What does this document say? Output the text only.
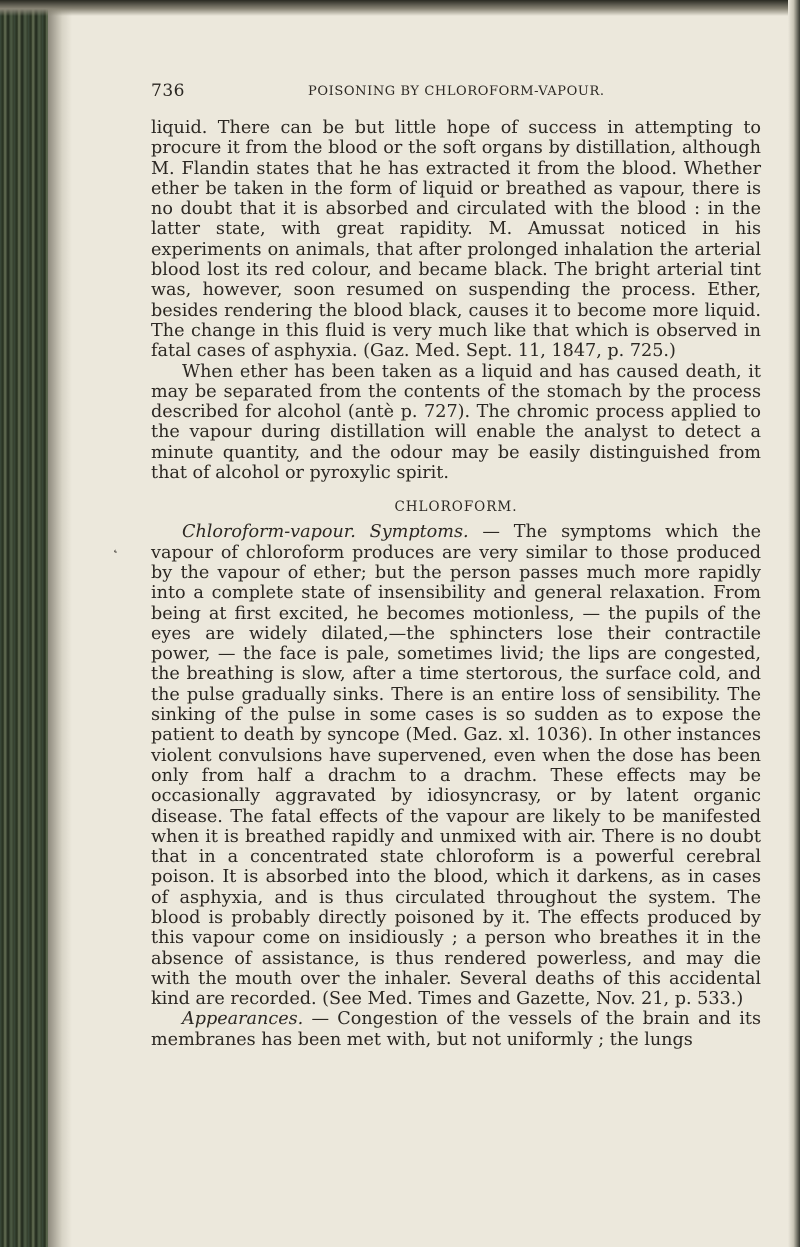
736	POISONING BY CHLOROFORM-VAPOUR.
˛

liquid. There can be but little hope of success in attempting to procure it from the blood or the soft organs by distillation, although M. Flandin states that he has extracted it from the blood. Whether ether be taken in the form of liquid or breathed as vapour, there is no doubt that it is absorbed and circulated with the blood : in the latter state, with great rapidity. M. Amussat noticed in his experiments on animals, that after prolonged inhalation the arterial blood lost its red colour, and became black. The bright arterial tint was, however, soon resumed on suspending the process. Ether, besides rendering the blood black, causes it to become more liquid. The change in this fluid is very much like that which is observed in fatal cases of asphyxia. (Gaz. Med. Sept. 11, 1847, p. 725.)

When ether has been taken as a liquid and has caused death, it may be separated from the contents of the stomach by the process described for alcohol (antè p. 727). The chromic process applied to the vapour during distillation will enable the analyst to detect a minute quantity, and the odour may be easily distinguished from that of alcohol or pyroxylic spirit.

CHLOROFORM.

Chloroform-vapour. Symptoms. — The symptoms which the vapour of chloroform produces are very similar to those produced by the vapour of ether; but the person passes much more rapidly into a complete state of insensibility and general relaxation. From being at first excited, he becomes motionless, — the pupils of the eyes are widely dilated,—the sphincters lose their contractile power, — the face is pale, sometimes livid; the lips are congested, the breathing is slow, after a time stertorous, the surface cold, and the pulse gradually sinks. There is an entire loss of sensibility. The sinking of the pulse in some cases is so sudden as to expose the patient to death by syncope (Med. Gaz. xl. 1036). In other instances violent convulsions have supervened, even when the dose has been only from half a drachm to a drachm. These effects may be occasionally aggravated by idiosyncrasy, or by latent organic disease. The fatal effects of the vapour are likely to be manifested when it is breathed rapidly and unmixed with air. There is no doubt that in a concentrated state chloroform is a powerful cerebral poison. It is absorbed into the blood, which it darkens, as in cases of asphyxia, and is thus circulated throughout the system. The blood is probably directly poisoned by it. The effects produced by this vapour come on insidiously ; a person who breathes it in the absence of assistance, is thus rendered powerless, and may die with the mouth over the inhaler. Several deaths of this accidental kind are recorded. (See Med. Times and Gazette, Nov. 21, p. 533.)

Appearances. — Congestion of the vessels of the brain and its membranes has been met with, but not uniformly ; the lungs
